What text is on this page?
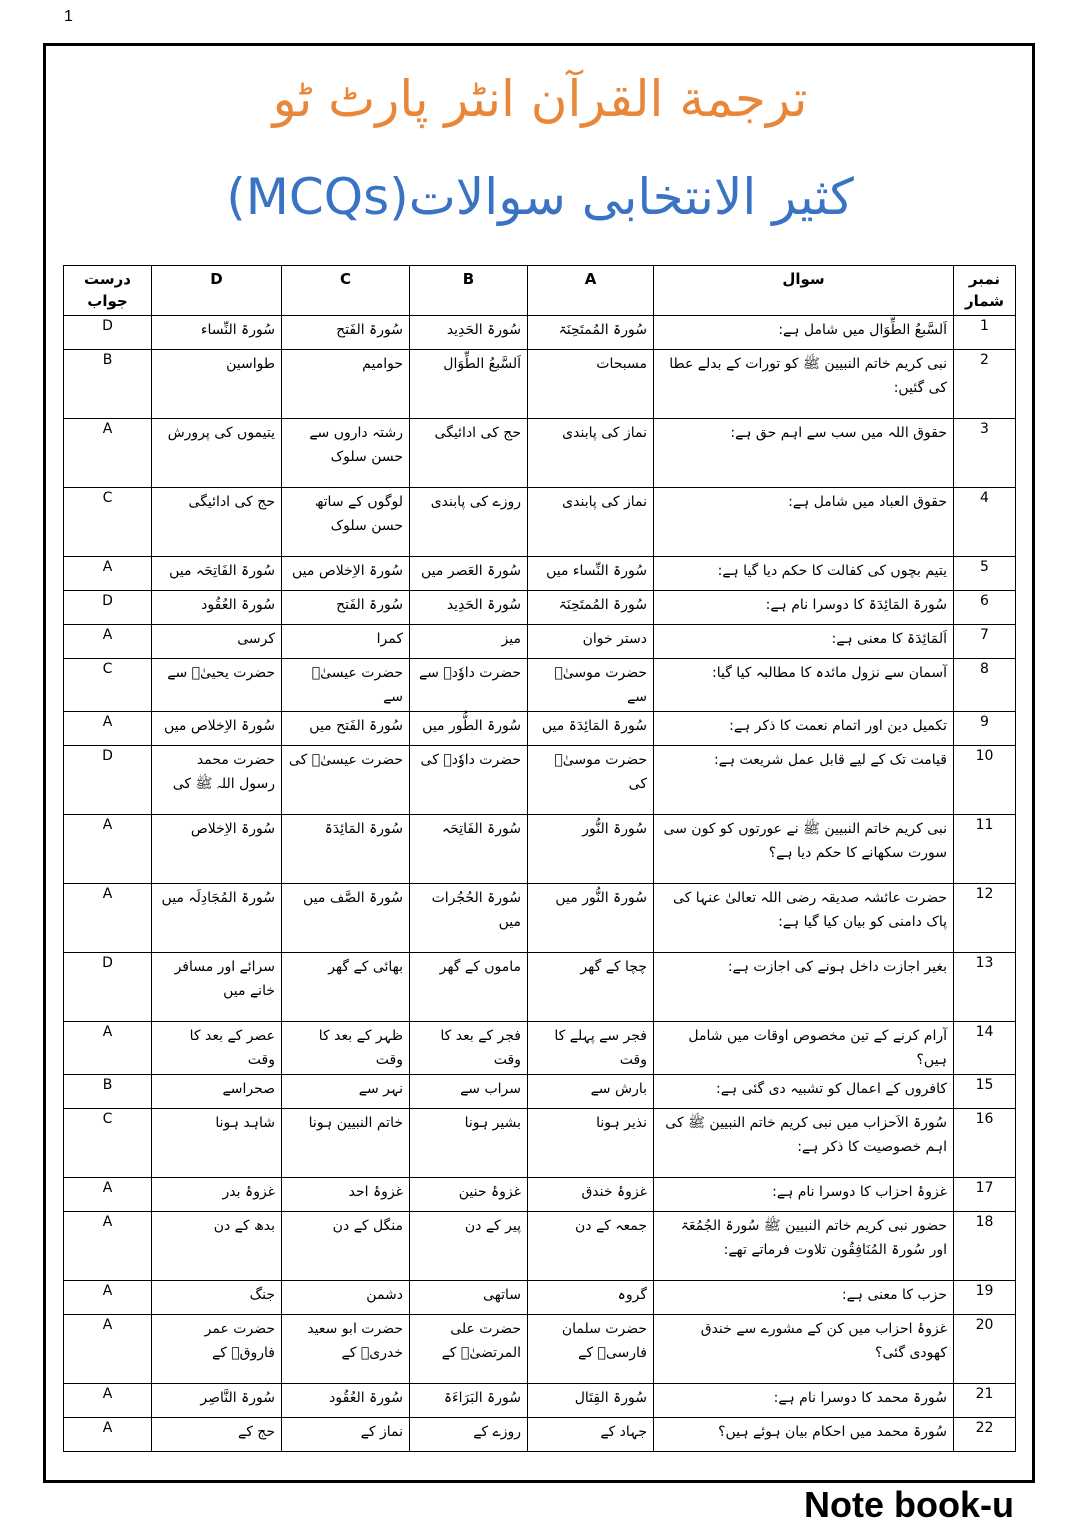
1
ترجمة القرآن انٹر پارٹ ٹو
کثیر الانتخابی سوالات(MCQs)
نمبر شمار	سوال	A	B	C	D	درست جواب
1	اَلسَّبعُ الطِّوَال میں شامل ہے:	سُورۃ المُمتَحِنَۃ	سُورۃ الحَدِید	سُورۃ الفَتح	سُورۃ النِّساء	D
2	نبی کریم خاتم النبیین ﷺ کو تورات کے بدلے عطا کی گئیں:	مسبحات	اَلسَّبعُ الطِّوَال	حوامیم	طواسین	B
3	حقوق اللہ میں سب سے اہم حق ہے:	نماز کی پابندی	حج کی ادائیگی	رشتہ داروں سے حسن سلوک	یتیموں کی پرورش	A
4	حقوق العباد میں شامل ہے:	نماز کی پابندی	روزے کی پابندی	لوگوں کے ساتھ حسن سلوک	حج کی ادائیگی	C
5	یتیم بچوں کی کفالت کا حکم دیا گیا ہے:	سُورۃ النِّساء میں	سُورۃ العَصر میں	سُورۃ الاِخلاص میں	سُورۃ الفَاتِحَہ میں	A
6	سُورۃ المَائِدَۃ کا دوسرا نام ہے:	سُورۃ المُمتَحِنَۃ	سُورۃ الحَدِید	سُورۃ الفَتح	سُورۃ العُقُود	D
7	اَلمَائِدَۃ کا معنی ہے:	دستر خوان	میز	کمرا	کرسی	A
8	آسمان سے نزول مائدہ کا مطالبہ کیا گیا:	حضرت موسیٰؑ سے	حضرت داوٗدؑ سے	حضرت عیسیٰؑ سے	حضرت یحییٰؑ سے	C
9	تکمیل دین اور اتمام نعمت کا ذکر ہے:	سُورۃ المَائِدَۃ میں	سُورۃ الطُّور میں	سُورۃ الفَتح میں	سُورۃ الاِخلاص میں	A
10	قیامت تک کے لیے قابل عمل شریعت ہے:	حضرت موسیٰؑ کی	حضرت داوٗدؑ کی	حضرت عیسیٰؑ کی	حضرت محمد رسول اللہ ﷺ کی	D
11	نبی کریم خاتم النبیین ﷺ نے عورتوں کو کون سی سورت سکھانے کا حکم دیا ہے؟	سُورۃ النُّور	سُورۃ الفَاتِحَہ	سُورۃ المَائِدَۃ	سُورۃ الاِخلاص	A
12	حضرت عائشہ صدیقہ رضی اللہ تعالیٰ عنہا کی پاک دامنی کو بیان کیا گیا ہے:	سُورۃ النُّور میں	سُورۃ الحُجُرات میں	سُورۃ الصَّف میں	سُورۃ المُجَادِلَہ میں	A
13	بغیر اجازت داخل ہونے کی اجازت ہے:	چچا کے گھر	ماموں کے گھر	بھائی کے گھر	سرائے اور مسافر خانے میں	D
14	آرام کرنے کے تین مخصوص اوقات میں شامل ہیں؟	فجر سے پہلے کا وقت	فجر کے بعد کا وقت	ظہر کے بعد کا وقت	عصر کے بعد کا وقت	A
15	کافروں کے اعمال کو تشبیہ دی گئی ہے:	بارش سے	سراب سے	نہر سے	صحراسے	B
16	سُورۃ الاَحزاب میں نبی کریم خاتم النبیین ﷺ کی اہم خصوصیت کا ذکر ہے:	نذیر ہونا	بشیر ہونا	خاتم النبیین ہونا	شاہد ہونا	C
17	غزوۂ احزاب کا دوسرا نام ہے:	غزوۂ خندق	غزوۂ حنین	غزوۂ احد	غزوۂ بدر	A
18	حضور نبی کریم خاتم النبیین ﷺ سُورۃ الجُمُعَۃ اور سُورۃ المُنَافِقُون تلاوت فرماتے تھے:	جمعہ کے دن	پیر کے دن	منگل کے دن	بدھ کے دن	A
19	حزب کا معنی ہے:	گروہ	ساتھی	دشمن	جنگ	A
20	غزوۂ احزاب میں کن کے مشورے سے خندق کھودی گئی؟	حضرت سلمان فارسیؓ کے	حضرت علی المرتضیٰؓ کے	حضرت ابو سعید خدریؓ کے	حضرت عمر فاروقؓ کے	A
21	سُورۃ محمد کا دوسرا نام ہے:	سُورۃ القِتَال	سُورۃ البَرَاءَۃ	سُورۃ العُقُود	سُورۃ النَّاصِر	A
22	سُورۃ محمد میں احکام بیان ہوئے ہیں؟	جہاد کے	روزے کے	نماز کے	حج کے	A
Note book-u
